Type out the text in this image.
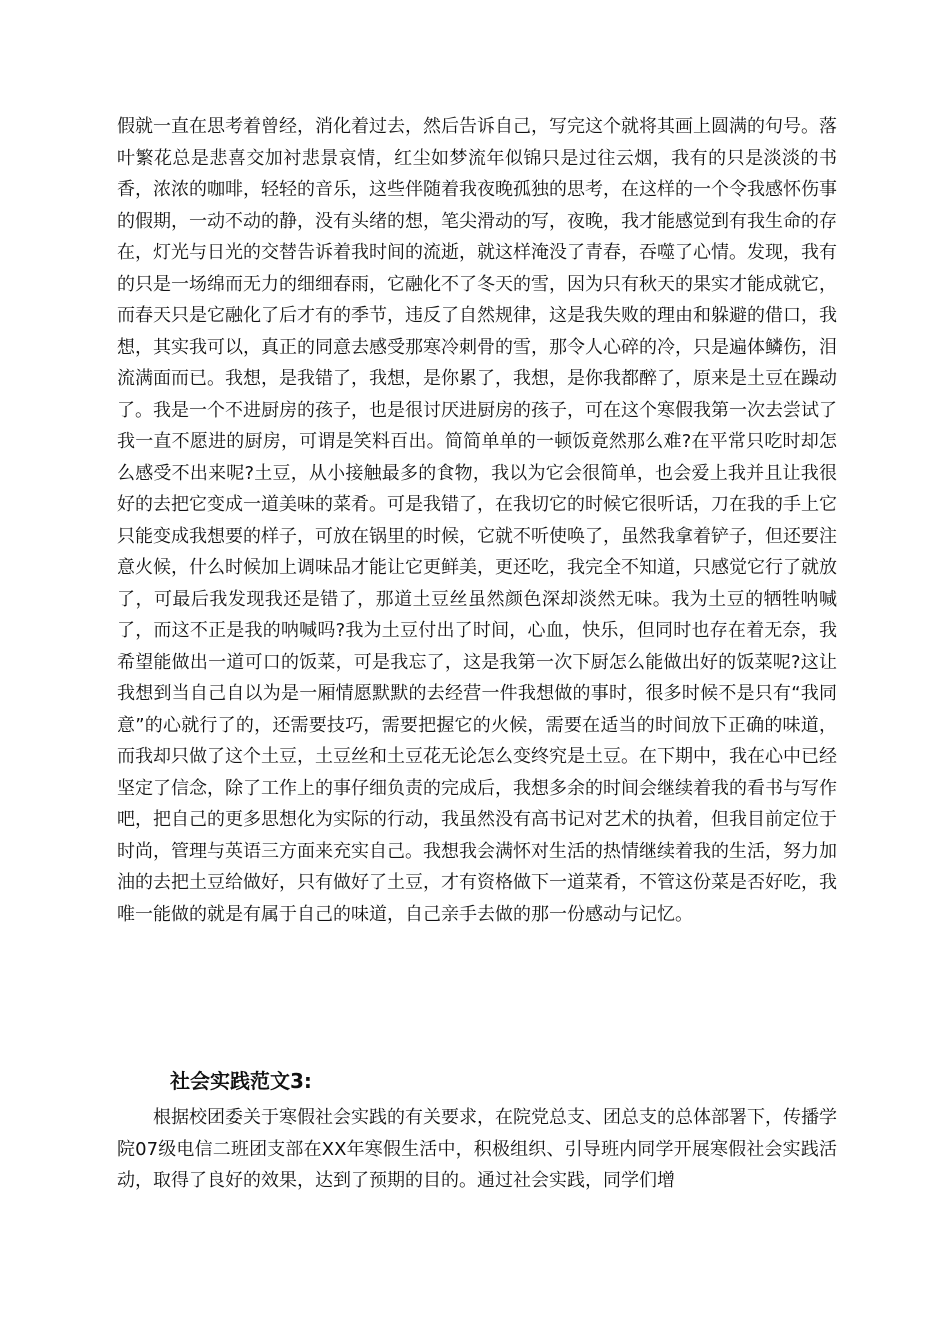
假就一直在思考着曾经，消化着过去，然后告诉自己，写完这个就将其画上圆满的句号。落叶繁花总是悲喜交加衬悲景哀情，红尘如梦流年似锦只是过往云烟，我有的只是淡淡的书香，浓浓的咖啡，轻轻的音乐，这些伴随着我夜晚孤独的思考，在这样的一个令我感怀伤事的假期，一动不动的静，没有头绪的想，笔尖滑动的写，夜晚，我才能感觉到有我生命的存在，灯光与日光的交替告诉着我时间的流逝，就这样淹没了青春，吞噬了心情。发现，我有的只是一场绵而无力的细细春雨，它融化不了冬天的雪，因为只有秋天的果实才能成就它，而春天只是它融化了后才有的季节，违反了自然规律，这是我失败的理由和躲避的借口，我想，其实我可以，真正的同意去感受那寒冷刺骨的雪，那令人心碎的冷，只是遍体鳞伤，泪流满面而已。我想，是我错了，我想，是你累了，我想，是你我都醉了，原来是土豆在躁动了。我是一个不进厨房的孩子，也是很讨厌进厨房的孩子，可在这个寒假我第一次去尝试了我一直不愿进的厨房，可谓是笑料百出。简简单单的一顿饭竟然那么难?在平常只吃时却怎么感受不出来呢?土豆，从小接触最多的食物，我以为它会很简单，也会爱上我并且让我很好的去把它变成一道美味的菜肴。可是我错了，在我切它的时候它很听话，刀在我的手上它只能变成我想要的样子，可放在锅里的时候，它就不听使唤了，虽然我拿着铲子，但还要注意火候，什么时候加上调味品才能让它更鲜美，更还吃，我完全不知道，只感觉它行了就放了，可最后我发现我还是错了，那道土豆丝虽然颜色深却淡然无味。我为土豆的牺牲呐喊了，而这不正是我的呐喊吗?我为土豆付出了时间，心血，快乐，但同时也存在着无奈，我希望能做出一道可口的饭菜，可是我忘了，这是我第一次下厨怎么能做出好的饭菜呢?这让我想到当自己自以为是一厢情愿默默的去经营一件我想做的事时，很多时候不是只有“我同意”的心就行了的，还需要技巧，需要把握它的火候，需要在适当的时间放下正确的味道，而我却只做了这个土豆，土豆丝和土豆花无论怎么变终究是土豆。在下期中，我在心中已经坚定了信念，除了工作上的事仔细负责的完成后，我想多余的时间会继续着我的看书与写作吧，把自己的更多思想化为实际的行动，我虽然没有高书记对艺术的执着，但我目前定位于时尚，管理与英语三方面来充实自己。我想我会满怀对生活的热情继续着我的生活，努力加油的去把土豆给做好，只有做好了土豆，才有资格做下一道菜肴，不管这份菜是否好吃，我唯一能做的就是有属于自己的味道，自己亲手去做的那一份感动与记忆。

社会实践范文3:

根据校团委关于寒假社会实践的有关要求，在院党总支、团总支的总体部署下，传播学院07级电信二班团支部在XX年寒假生活中，积极组织、引导班内同学开展寒假社会实践活动，取得了良好的效果，达到了预期的目的。通过社会实践，同学们增
